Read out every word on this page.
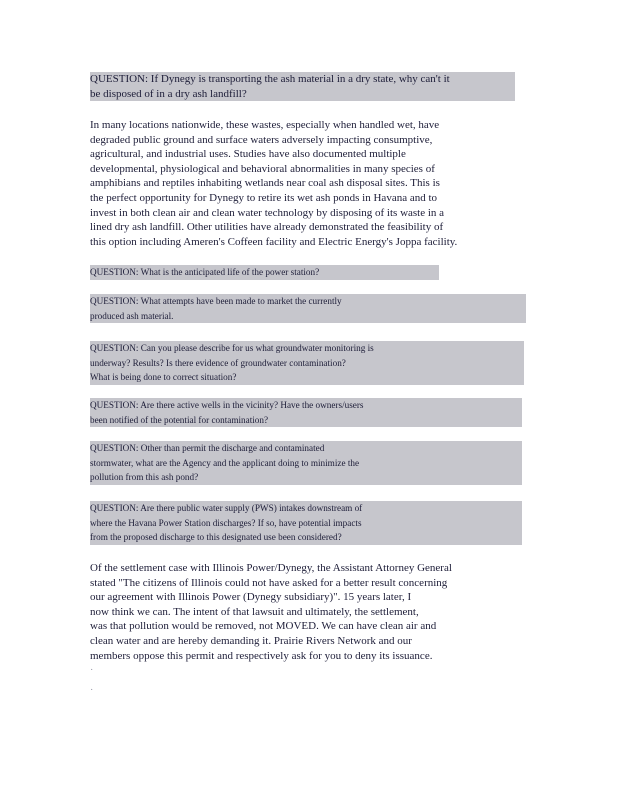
QUESTION: If Dynegy is transporting the ash material in a dry state, why can't it
be disposed of in a dry ash landfill?
In many locations nationwide, these wastes, especially when handled wet, have
degraded public ground and surface waters adversely impacting consumptive,
agricultural, and industrial uses. Studies have also documented multiple
developmental, physiological and behavioral abnormalities in many species of
amphibians and reptiles inhabiting wetlands near coal ash disposal sites. This is
the perfect opportunity for Dynegy to retire its wet ash ponds in Havana and to
invest in both clean air and clean water technology by disposing of its waste in a
lined dry ash landfill. Other utilities have already demonstrated the feasibility of
this option including Ameren's Coffeen facility and Electric Energy's Joppa facility.
QUESTION: What is the anticipated life of the power station?
QUESTION: What attempts have been made to market the currently
produced ash material.
QUESTION: Can you please describe for us what groundwater monitoring is
underway? Results? Is there evidence of groundwater contamination?
What is being done to correct situation?
QUESTION: Are there active wells in the vicinity? Have the owners/users
been notified of the potential for contamination?
QUESTION: Other than permit the discharge and contaminated
stormwater, what are the Agency and the applicant doing to minimize the
pollution from this ash pond?
QUESTION: Are there public water supply (PWS) intakes downstream of
where the Havana Power Station discharges? If so, have potential impacts
from the proposed discharge to this designated use been considered?
Of the settlement case with Illinois Power/Dynegy, the Assistant Attorney General
stated "The citizens of Illinois could not have asked for a better result concerning
our agreement with Illinois Power (Dynegy subsidiary)". 15 years later, I
now think we can. The intent of that lawsuit and ultimately, the settlement,
was that pollution would be removed, not MOVED. We can have clean air and
clean water and are hereby demanding it. Prairie Rivers Network and our
members oppose this permit and respectively ask for you to deny its issuance.
˙
˙
